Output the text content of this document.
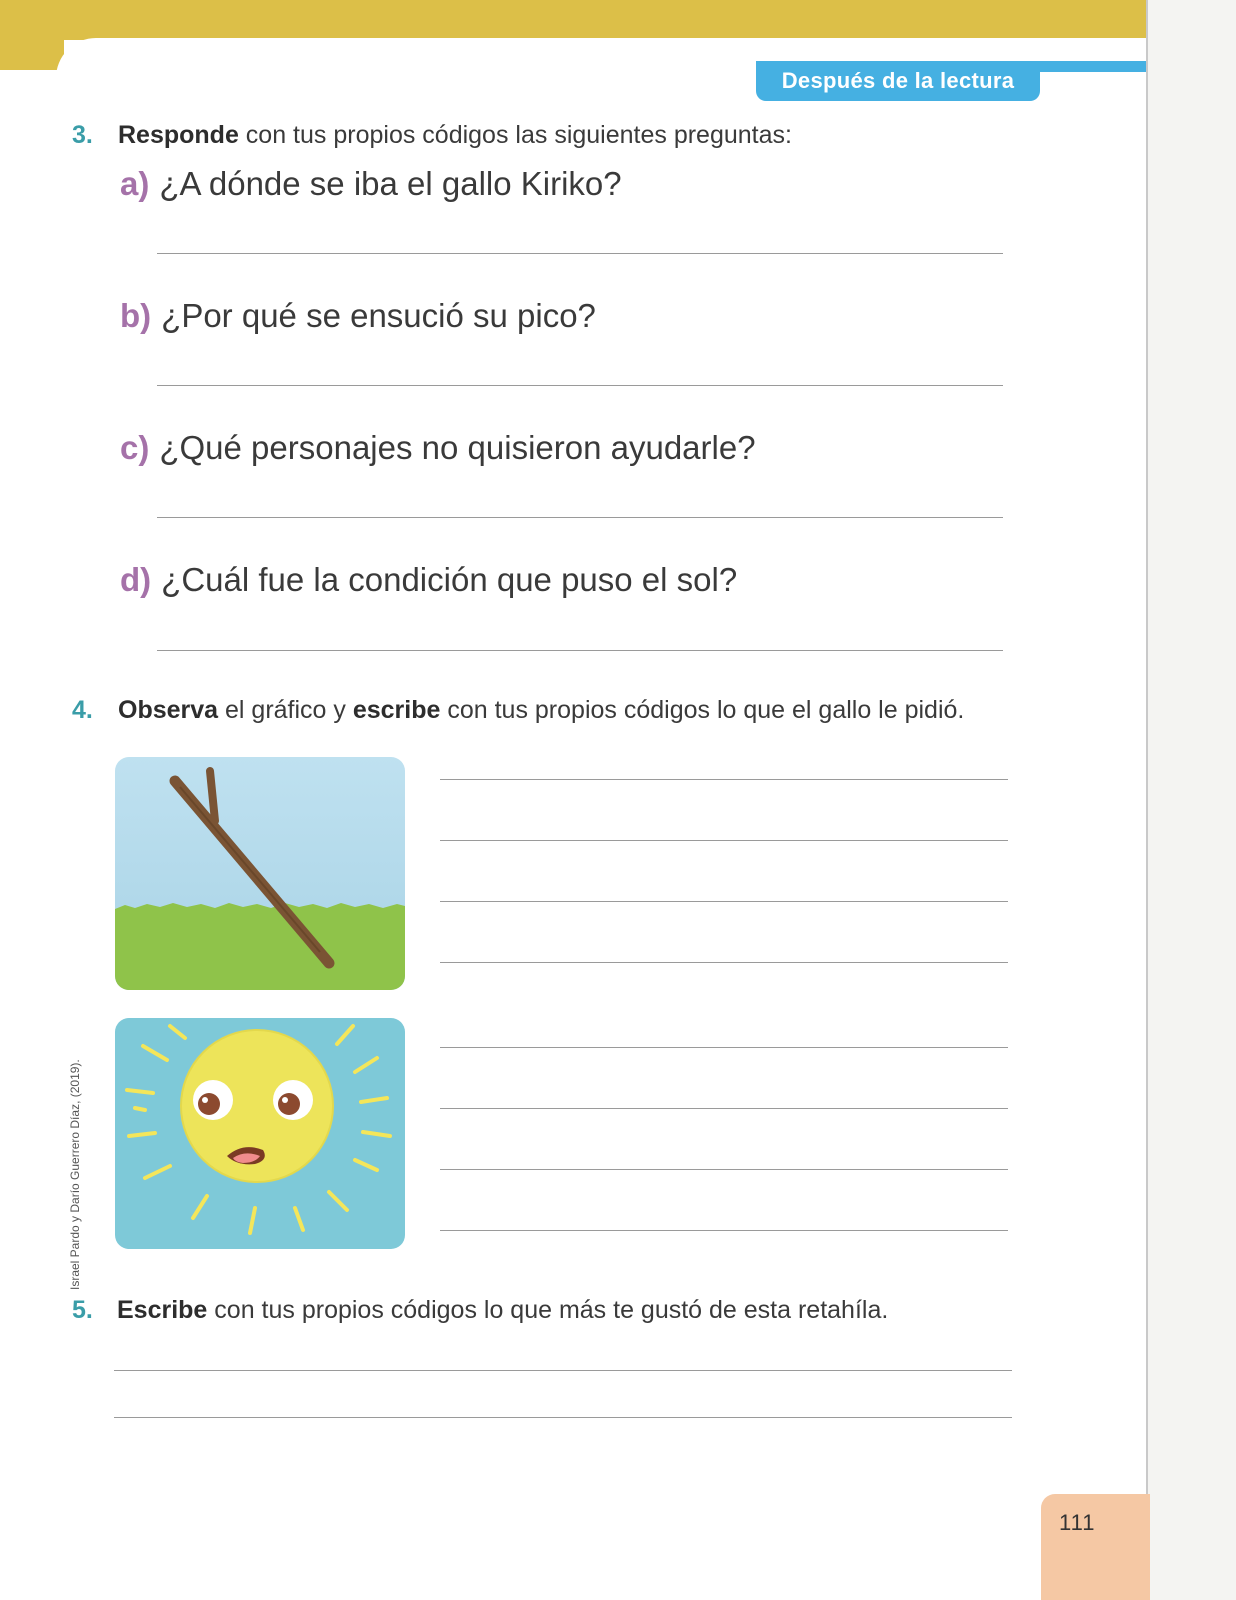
Después de la lectura
3. Responde con tus propios códigos las siguientes preguntas:
a) ¿A dónde se iba el gallo Kiriko?
b) ¿Por qué se ensució su pico?
c) ¿Qué personajes no quisieron ayudarle?
d) ¿Cuál fue la condición que puso el sol?
4. Observa el gráfico y escribe con tus propios códigos lo que el gallo le pidió.
Israel Pardo y Darío Guerrero Díaz, (2019).
5. Escribe con tus propios códigos lo que más te gustó de esta retahíla.
111
